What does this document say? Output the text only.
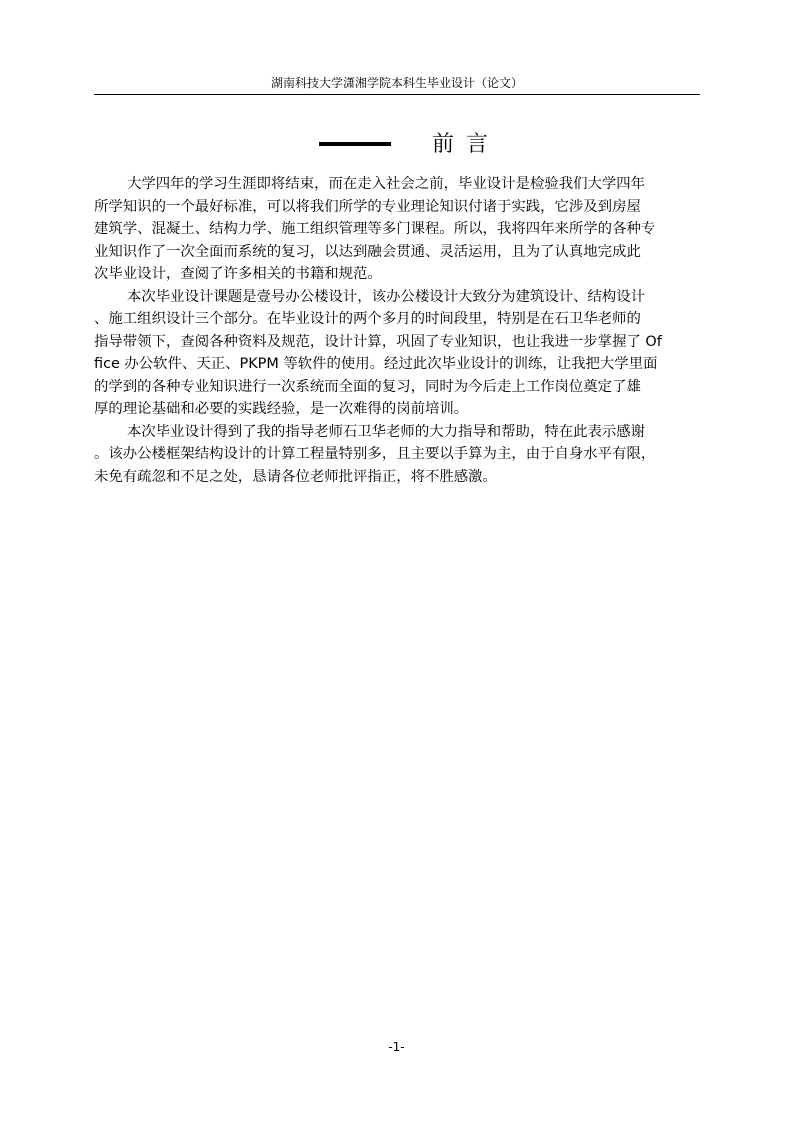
湖南科技大学潇湘学院本科生毕业设计（论文）
前言
大学四年的学习生涯即将结束，而在走入社会之前，毕业设计是检验我们大学四年
所学知识的一个最好标准，可以将我们所学的专业理论知识付诸于实践，它涉及到房屋
建筑学、混凝土、结构力学、施工组织管理等多门课程。所以，我将四年来所学的各种专
业知识作了一次全面而系统的复习，以达到融会贯通、灵活运用，且为了认真地完成此
次毕业设计，查阅了许多相关的书籍和规范。
本次毕业设计课题是壹号办公楼设计，该办公楼设计大致分为建筑设计、结构设计
、施工组织设计三个部分。在毕业设计的两个多月的时间段里，特别是在石卫华老师的
指导带领下，查阅各种资料及规范，设计计算，巩固了专业知识，也让我进一步掌握了 Of
fice 办公软件、天正、PKPM 等软件的使用。经过此次毕业设计的训练，让我把大学里面
的学到的各种专业知识进行一次系统而全面的复习，同时为今后走上工作岗位奠定了雄
厚的理论基础和必要的实践经验，是一次难得的岗前培训。
本次毕业设计得到了我的指导老师石卫华老师的大力指导和帮助，特在此表示感谢
。该办公楼框架结构设计的计算工程量特别多，且主要以手算为主，由于自身水平有限，
未免有疏忽和不足之处，恳请各位老师批评指正，将不胜感激。
-1-
